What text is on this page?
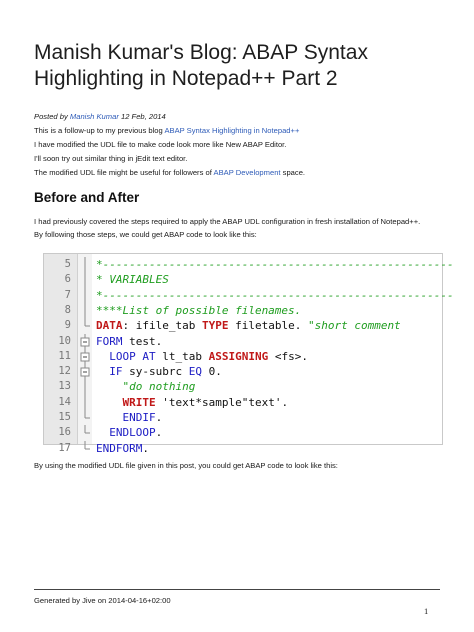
Manish Kumar's Blog: ABAP Syntax Highlighting in Notepad++ Part 2

Posted by Manish Kumar 12 Feb, 2014

This is a follow-up to my previous blog ABAP Syntax Highlighting in Notepad++

I have modified the UDL file to make code look more like New ABAP Editor.

I'll soon try out similar thing in jEdit text editor.

The modified UDL file might be useful for followers of ABAP Development space.

Before and After

I had previously covered the steps required to apply the ABAP UDL configuration in fresh installation of Notepad++.

By following those steps, we could get ABAP code to look like this:

5 *-----------------------------------------------------
6 * VARIABLES
7 *-----------------------------------------------------
8 ****List of possible filenames.
9 DATA: ifile_tab TYPE filetable. "short comment
10 FORM test.
11 LOOP AT lt_tab ASSIGNING <fs>.
12 IF sy-subrc EQ 0.
13 "do nothing
14 WRITE 'text*sample"text'.
15 ENDIF.
16 ENDLOOP.
17 ENDFORM.

By using the modified UDL file given in this post, you could get ABAP code to look like this:

Generated by Jive on 2014-04-16+02:00

1
